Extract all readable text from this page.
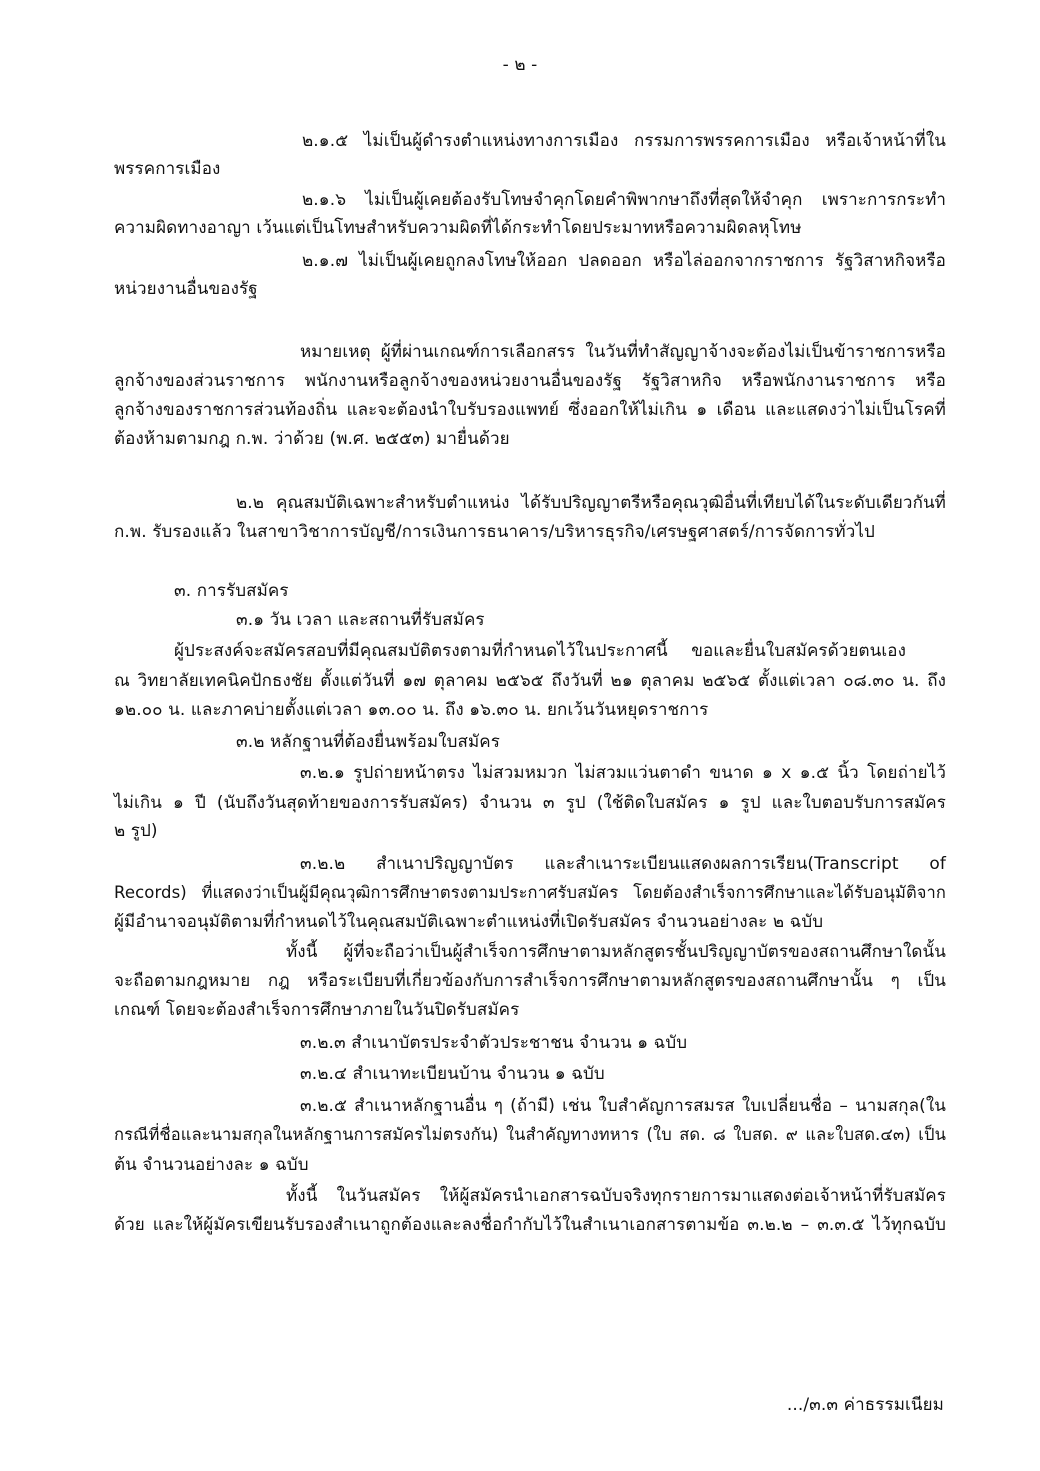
- ๒ -

๒.๑.๕ ไม่เป็นผู้ดำรงตำแหน่งทางการเมือง กรรมการพรรคการเมือง หรือเจ้าหน้าที่ใน

พรรคการเมือง

๒.๑.๖ ไม่เป็นผู้เคยต้องรับโทษจำคุกโดยคำพิพากษาถึงที่สุดให้จำคุก เพราะการกระทำ

ความผิดทางอาญา เว้นแต่เป็นโทษสำหรับความผิดที่ได้กระทำโดยประมาทหรือความผิดลหุโทษ

๒.๑.๗ ไม่เป็นผู้เคยถูกลงโทษให้ออก ปลดออก หรือไล่ออกจากราชการ รัฐวิสาหกิจหรือ

หน่วยงานอื่นของรัฐ

หมายเหตุ ผู้ที่ผ่านเกณฑ์การเลือกสรร ในวันที่ทำสัญญาจ้างจะต้องไม่เป็นข้าราชการหรือ

ลูกจ้างของส่วนราชการ พนักงานหรือลูกจ้างของหน่วยงานอื่นของรัฐ รัฐวิสาหกิจ หรือพนักงานราชการ หรือ

ลูกจ้างของราชการส่วนท้องถิ่น และจะต้องนำใบรับรองแพทย์ ซึ่งออกให้ไม่เกิน ๑ เดือน และแสดงว่าไม่เป็นโรคที่

ต้องห้ามตามกฎ ก.พ. ว่าด้วย (พ.ศ. ๒๕๕๓) มายื่นด้วย

๒.๒ คุณสมบัติเฉพาะสำหรับตำแหน่ง ได้รับปริญญาตรีหรือคุณวุฒิอื่นที่เทียบได้ในระดับเดียวกันที่

ก.พ. รับรองแล้ว ในสาขาวิชาการบัญชี/การเงินการธนาคาร/บริหารธุรกิจ/เศรษฐศาสตร์/การจัดการทั่วไป

๓. การรับสมัคร

๓.๑ วัน เวลา และสถานที่รับสมัคร

ผู้ประสงค์จะสมัครสอบที่มีคุณสมบัติตรงตามที่กำหนดไว้ในประกาศนี้ ขอและยื่นใบสมัครด้วยตนเอง

ณ วิทยาลัยเทคนิคปักธงชัย ตั้งแต่วันที่ ๑๗ ตุลาคม ๒๕๖๕ ถึงวันที่ ๒๑ ตุลาคม ๒๕๖๕ ตั้งแต่เวลา ๐๘.๓๐ น. ถึง

๑๒.๐๐ น. และภาคบ่ายตั้งแต่เวลา ๑๓.๐๐ น. ถึง ๑๖.๓๐ น. ยกเว้นวันหยุดราชการ

๓.๒ หลักฐานที่ต้องยื่นพร้อมใบสมัคร

๓.๒.๑ รูปถ่ายหน้าตรง ไม่สวมหมวก ไม่สวมแว่นตาดำ ขนาด ๑ x ๑.๕ นิ้ว โดยถ่ายไว้

ไม่เกิน ๑ ปี (นับถึงวันสุดท้ายของการรับสมัคร) จำนวน ๓ รูป (ใช้ติดใบสมัคร ๑ รูป และใบตอบรับการสมัคร

๒ รูป)

๓.๒.๒ สำเนาปริญญาบัตร และสำเนาระเบียนแสดงผลการเรียน(Transcript of

Records) ที่แสดงว่าเป็นผู้มีคุณวุฒิการศึกษาตรงตามประกาศรับสมัคร โดยต้องสำเร็จการศึกษาและได้รับอนุมัติจาก

ผู้มีอำนาจอนุมัติตามที่กำหนดไว้ในคุณสมบัติเฉพาะตำแหน่งที่เปิดรับสมัคร จำนวนอย่างละ ๒ ฉบับ

ทั้งนี้ ผู้ที่จะถือว่าเป็นผู้สำเร็จการศึกษาตามหลักสูตรชั้นปริญญาบัตรของสถานศึกษาใดนั้น

จะถือตามกฎหมาย กฎ หรือระเบียบที่เกี่ยวข้องกับการสำเร็จการศึกษาตามหลักสูตรของสถานศึกษานั้น ๆ เป็น

เกณฑ์ โดยจะต้องสำเร็จการศึกษาภายในวันปิดรับสมัคร

๓.๒.๓ สำเนาบัตรประจำตัวประชาชน จำนวน ๑ ฉบับ

๓.๒.๔ สำเนาทะเบียนบ้าน จำนวน ๑ ฉบับ

๓.๒.๕ สำเนาหลักฐานอื่น ๆ (ถ้ามี) เช่น ใบสำคัญการสมรส ใบเปลี่ยนชื่อ – นามสกุล(ใน

กรณีที่ชื่อและนามสกุลในหลักฐานการสมัครไม่ตรงกัน) ในสำคัญทางทหาร (ใบ สด. ๘ ใบสด. ๙ และใบสด.๔๓) เป็น

ต้น จำนวนอย่างละ ๑ ฉบับ

ทั้งนี้ ในวันสมัคร ให้ผู้สมัครนำเอกสารฉบับจริงทุกรายการมาแสดงต่อเจ้าหน้าที่รับสมัคร

ด้วย และให้ผู้มัครเขียนรับรองสำเนาถูกต้องและลงชื่อกำกับไว้ในสำเนาเอกสารตามข้อ ๓.๒.๒ – ๓.๓.๕ ไว้ทุกฉบับ

.../๓.๓ ค่าธรรมเนียม
